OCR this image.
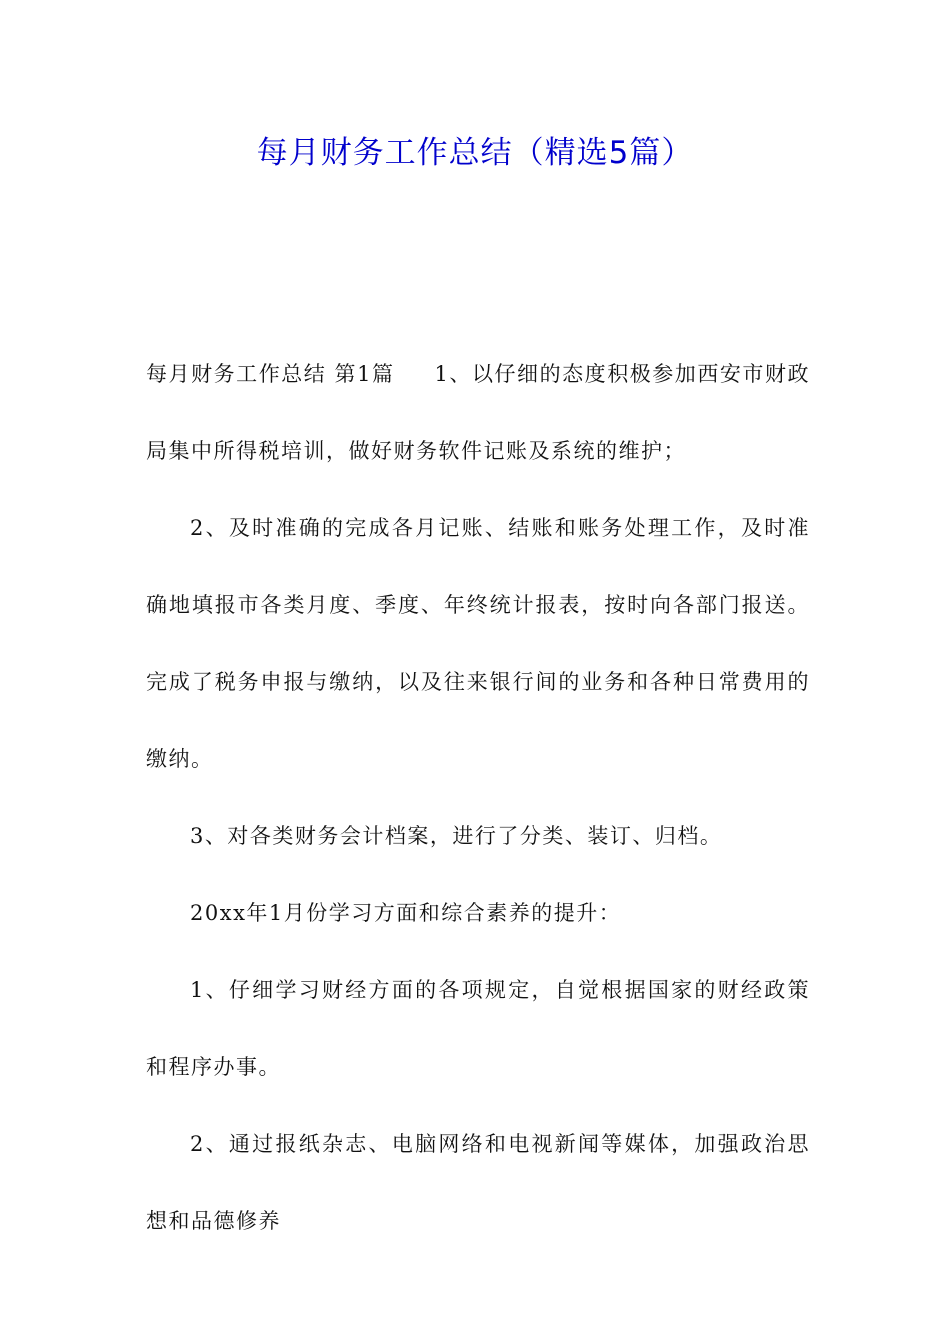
每月财务工作总结（精选5篇）

每月财务工作总结 第1篇 1、以仔细的态度积极参加西安市财政局集中所得税培训，做好财务软件记账及系统的维护；

2、及时准确的完成各月记账、结账和账务处理工作，及时准确地填报市各类月度、季度、年终统计报表，按时向各部门报送。完成了税务申报与缴纳，以及往来银行间的业务和各种日常费用的缴纳。

3、对各类财务会计档案，进行了分类、装订、归档。

20xx年1月份学习方面和综合素养的提升：

1、仔细学习财经方面的各项规定，自觉根据国家的财经政策和程序办事。

2、通过报纸杂志、电脑网络和电视新闻等媒体，加强政治思想和品德修养
